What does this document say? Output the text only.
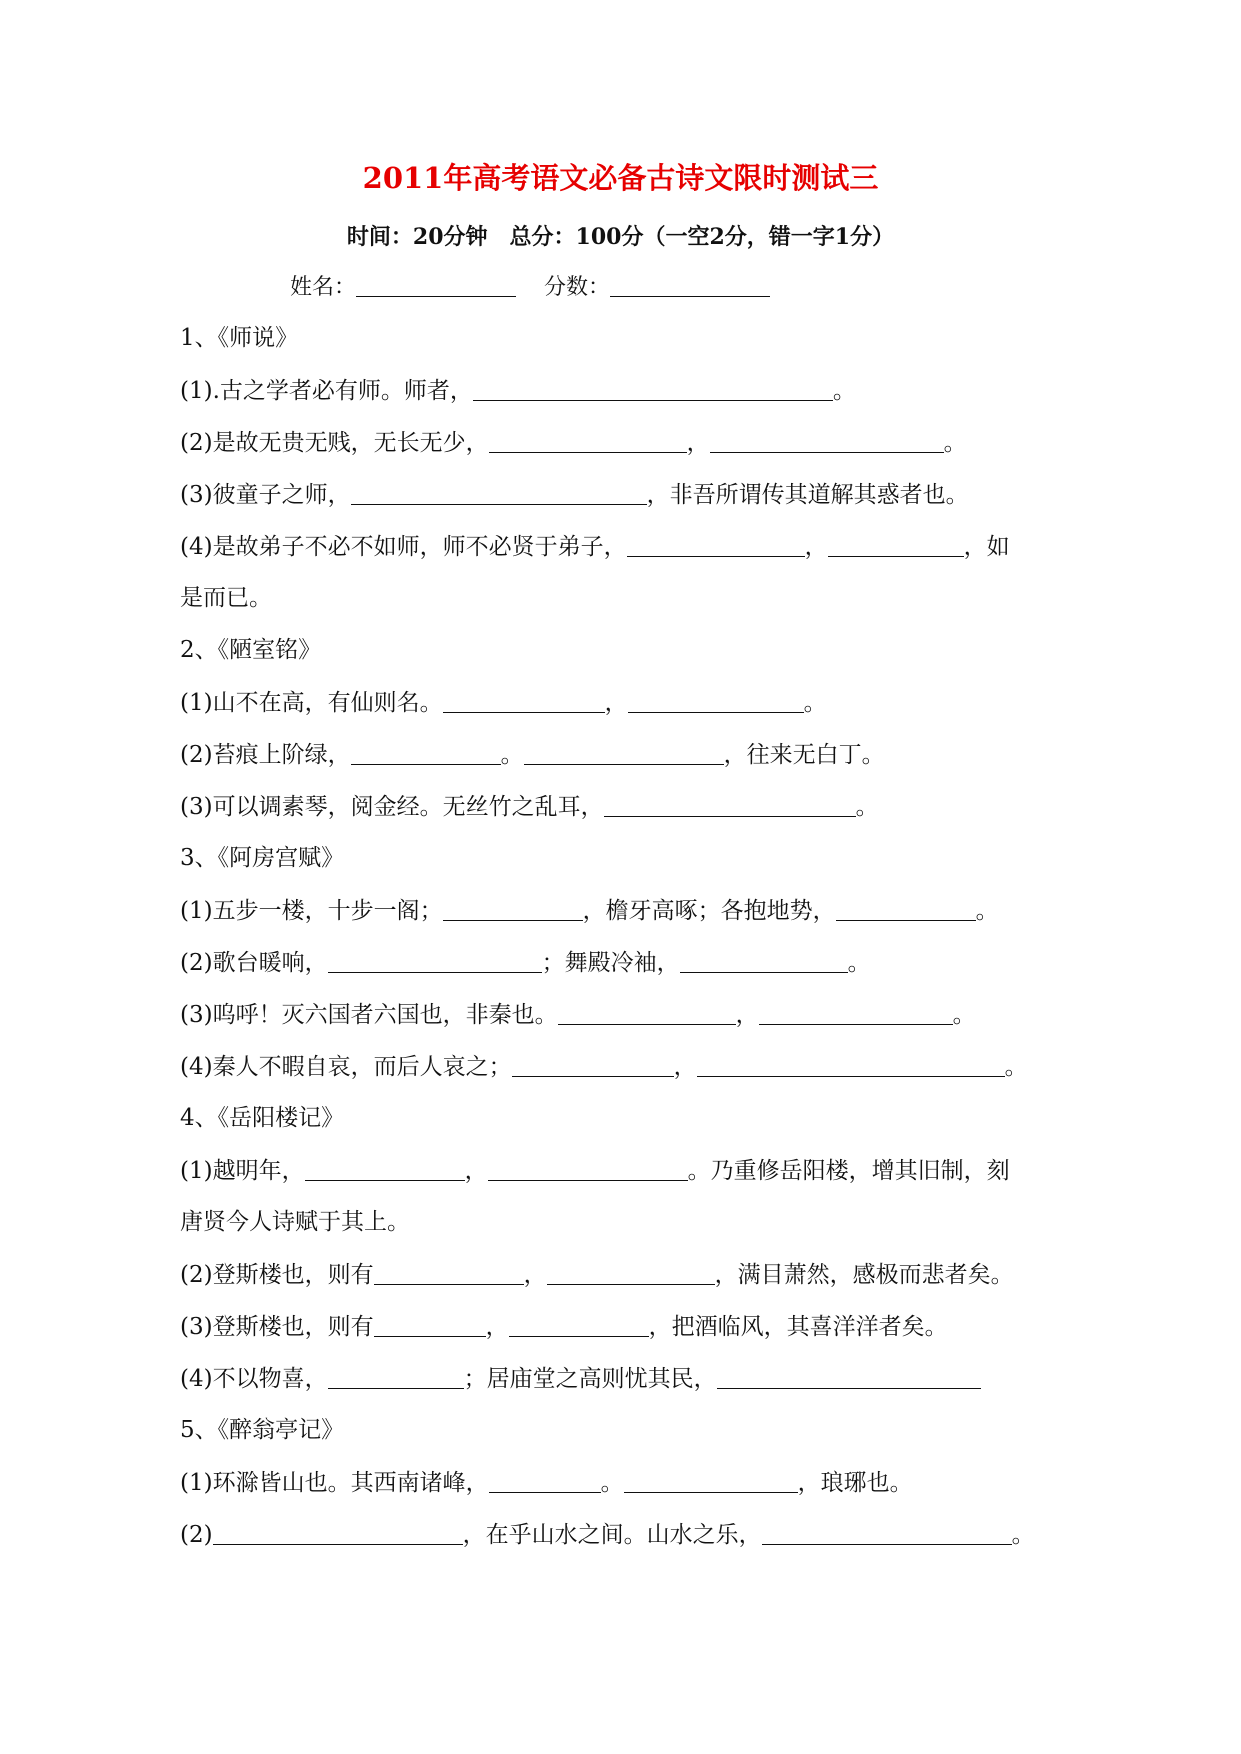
2011年高考语文必备古诗文限时测试三
时间：20分钟　总分：100分（一空2分，错一字1分）
姓名：	分数：
1、《师说》
(1).古之学者必有师。师者，	。
(2)是故无贵无贱，无长无少，	，	。
(3)彼童子之师，	，非吾所谓传其道解其惑者也。
(4)是故弟子不必不如师，师不必贤于弟子，	，	，如
是而已。
2、《陋室铭》
(1)山不在高，有仙则名。	，	。
(2)苔痕上阶绿，	。	，往来无白丁。
(3)可以调素琴，阅金经。无丝竹之乱耳，	。
3、《阿房宫赋》
(1)五步一楼，十步一阁；	，檐牙高啄；各抱地势，	。
(2)歌台暖响，	；舞殿冷袖，	。
(3)呜呼！灭六国者六国也，非秦也。	，	。
(4)秦人不暇自哀，而后人哀之；	，	。
4、《岳阳楼记》
(1)越明年，	，	。乃重修岳阳楼，增其旧制，刻
唐贤今人诗赋于其上。
(2)登斯楼也，则有	，	，满目萧然，感极而悲者矣。
(3)登斯楼也，则有	，	，把酒临风，其喜洋洋者矣。
(4)不以物喜，	；居庙堂之高则忧其民，
5、《醉翁亭记》
(1)环滁皆山也。其西南诸峰，	。	，琅琊也。
(2)	，在乎山水之间。山水之乐，	。
